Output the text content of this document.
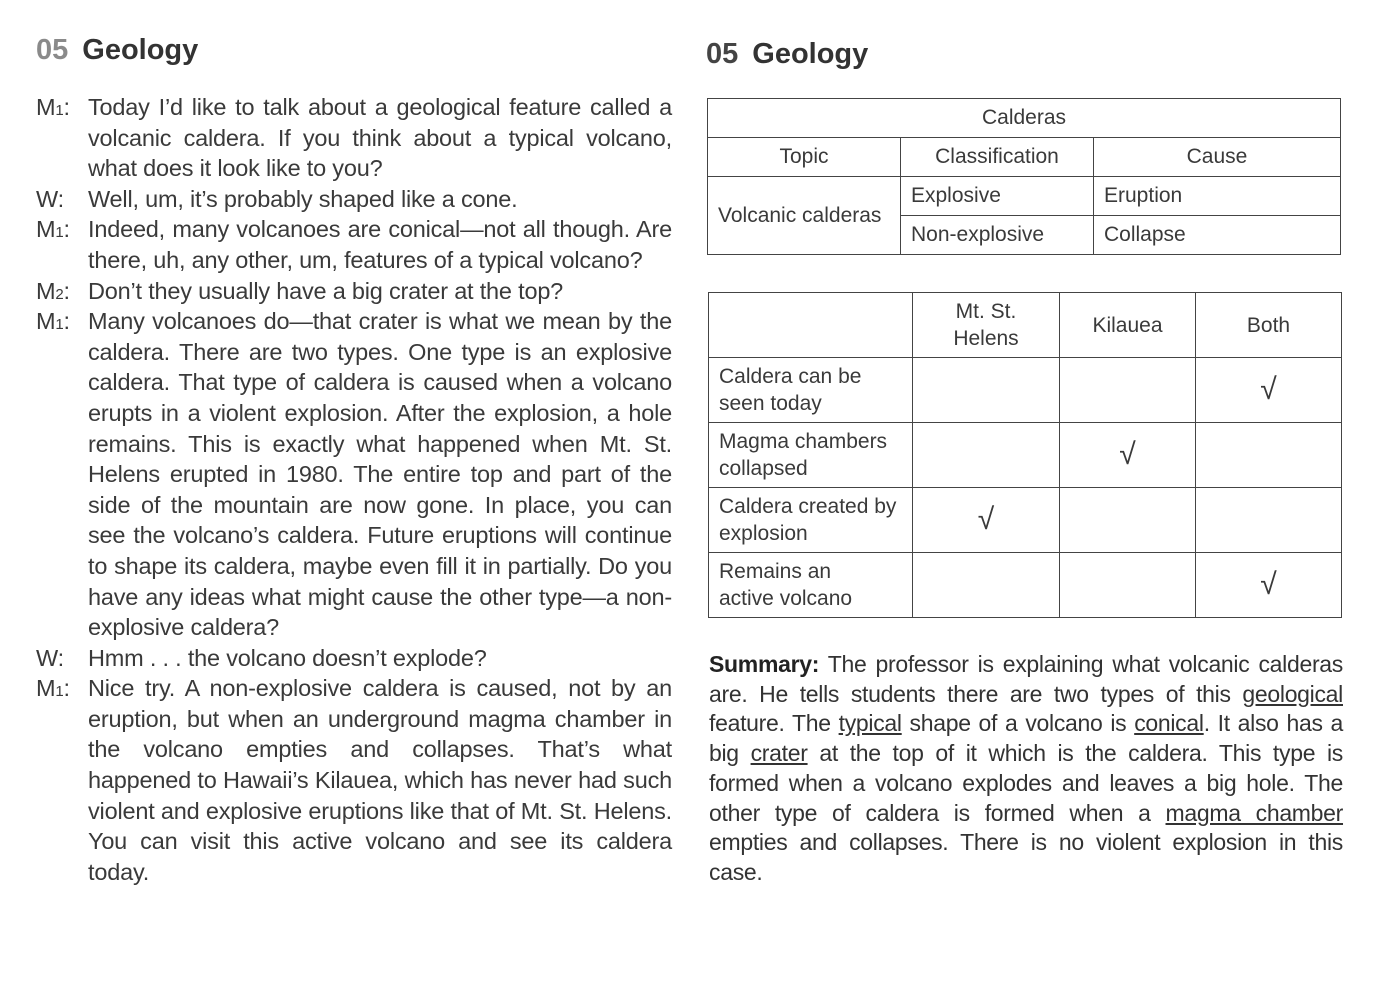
05 Geology
M1: Today I’d like to talk about a geological feature called a volcanic caldera. If you think about a typical volcano, what does it look like to you?
W: Well, um, it’s probably shaped like a cone.
M1: Indeed, many volcanoes are conical—not all though. Are there, uh, any other, um, features of a typical volcano?
M2: Don’t they usually have a big crater at the top?
M1: Many volcanoes do—that crater is what we mean by the caldera. There are two types. One type is an explosive caldera. That type of caldera is caused when a volcano erupts in a violent explosion. After the explosion, a hole remains. This is exactly what happened when Mt. St. Helens erupted in 1980. The entire top and part of the side of the mountain are now gone. In place, you can see the volcano’s caldera. Future eruptions will continue to shape its caldera, maybe even fill it in partially. Do you have any ideas what might cause the other type—a non-explosive caldera?
W: Hmm . . . the volcano doesn’t explode?
M1: Nice try. A non-explosive caldera is caused, not by an eruption, but when an underground magma chamber in the volcano empties and collapses. That’s what happened to Hawaii’s Kilauea, which has never had such violent and explosive eruptions like that of Mt. St. Helens. You can visit this active volcano and see its caldera today.
05 Geology
Calderas		
Topic	Classification	Cause
Volcanic calderas	Explosive	Eruption
	Non-explosive	Collapse

	Mt. St. Helens	Kilauea	Both

Caldera can be seen today			√

Magma chambers collapsed		√	

Caldera created by explosion	√		

Remains an active volcano			√
Summary: The professor is explaining what volcanic calderas are. He tells students there are two types of this geological feature. The typical shape of a volcano is conical. It also has a big crater at the top of it which is the caldera. This type is formed when a volcano explodes and leaves a big hole. The other type of caldera is formed when a magma chamber empties and collapses. There is no violent explosion in this case.
